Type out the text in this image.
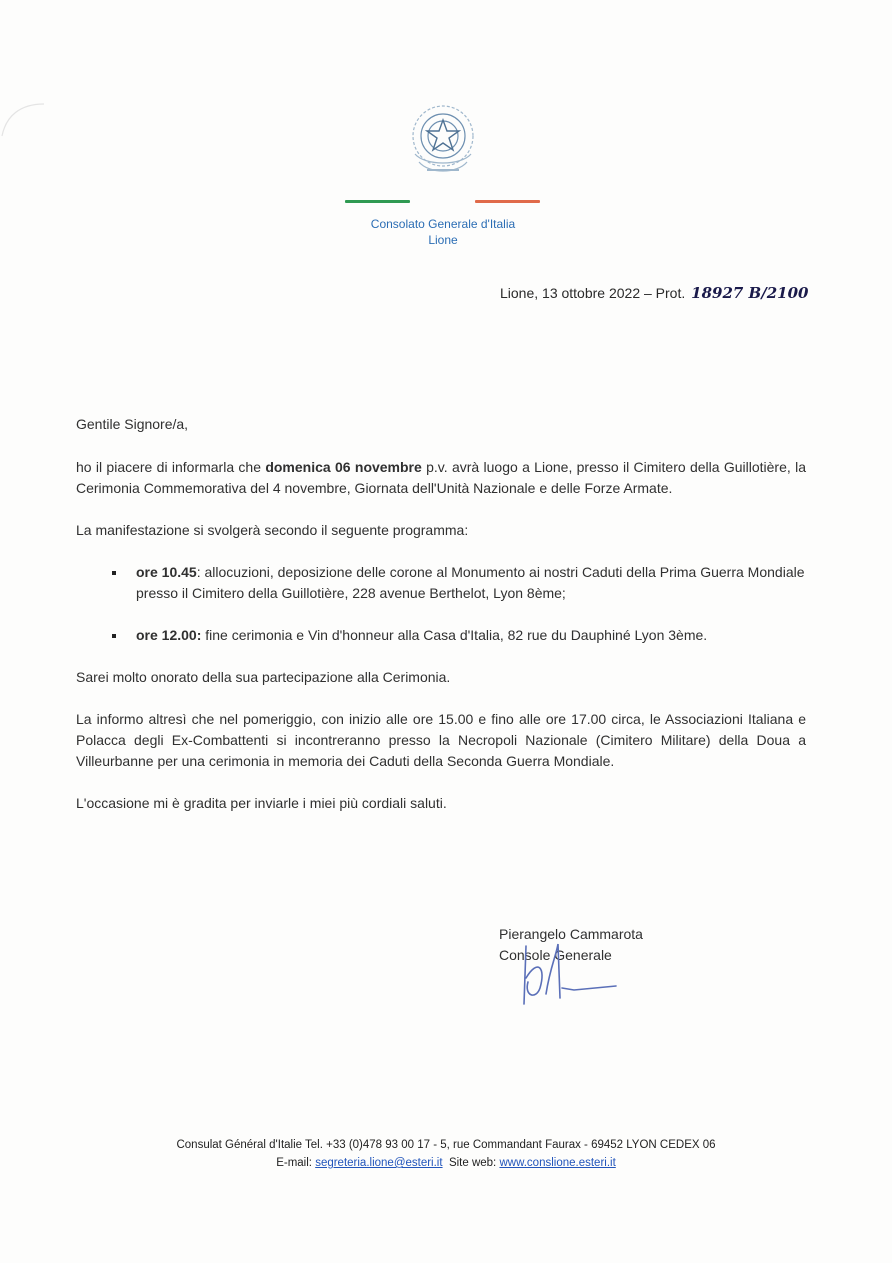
Consolato Generale d'Italia
Lione
Lione, 13 ottobre 2022 – Prot. 18927 B/2100

Gentile Signore/a,

ho il piacere di informarla che domenica 06 novembre p.v. avrà luogo a Lione, presso il Cimitero della Guillotière, la Cerimonia Commemorativa del 4 novembre, Giornata dell'Unità Nazionale e delle Forze Armate.

La manifestazione si svolgerà secondo il seguente programma:

ore 10.45: allocuzioni, deposizione delle corone al Monumento ai nostri Caduti della Prima Guerra Mondiale presso il Cimitero della Guillotière, 228 avenue Berthelot, Lyon 8ème;
ore 12.00: fine cerimonia e Vin d'honneur alla Casa d'Italia, 82 rue du Dauphiné Lyon 3ème.

Sarei molto onorato della sua partecipazione alla Cerimonia.

La informo altresì che nel pomeriggio, con inizio alle ore 15.00 e fino alle ore 17.00 circa, le Associazioni Italiana e Polacca degli Ex-Combattenti si incontreranno presso la Necropoli Nazionale (Cimitero Militare) della Doua a Villeurbanne per una cerimonia in memoria dei Caduti della Seconda Guerra Mondiale.

L'occasione mi è gradita per inviarle i miei più cordiali saluti.

Pierangelo Cammarota
Console Generale
Consulat Général d'Italie Tel. +33 (0)478 93 00 17 - 5, rue Commandant Faurax - 69452 LYON CEDEX 06
E-mail: segreteria.lione@esteri.it  Site web: www.conslione.esteri.it
